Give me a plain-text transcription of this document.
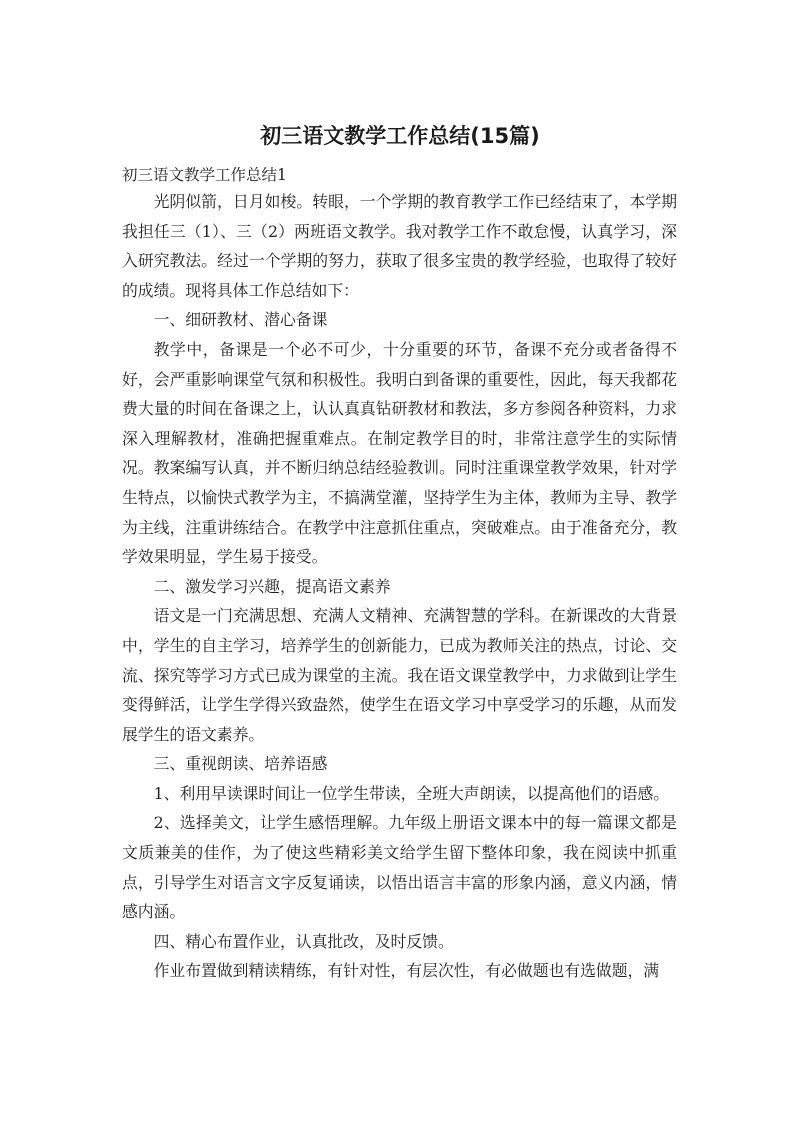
初三语文教学工作总结(15篇)

初三语文教学工作总结1

光阴似箭，日月如梭。转眼，一个学期的教育教学工作已经结束了，本学期我担任三（1）、三（2）两班语文教学。我对教学工作不敢怠慢，认真学习，深入研究教法。经过一个学期的努力，获取了很多宝贵的教学经验，也取得了较好的成绩。现将具体工作总结如下：

一、细研教材、潜心备课

教学中，备课是一个必不可少，十分重要的环节，备课不充分或者备得不好，会严重影响课堂气氛和积极性。我明白到备课的重要性，因此，每天我都花费大量的时间在备课之上，认认真真钻研教材和教法，多方参阅各种资料，力求深入理解教材，准确把握重难点。在制定教学目的时，非常注意学生的实际情况。教案编写认真，并不断归纳总结经验教训。同时注重课堂教学效果，针对学生特点，以愉快式教学为主，不搞满堂灌，坚持学生为主体，教师为主导、教学为主线，注重讲练结合。在教学中注意抓住重点，突破难点。由于准备充分，教学效果明显，学生易于接受。

二、激发学习兴趣，提高语文素养

语文是一门充满思想、充满人文精神、充满智慧的学科。在新课改的大背景中，学生的自主学习，培养学生的创新能力，已成为教师关注的热点，讨论、交流、探究等学习方式已成为课堂的主流。我在语文课堂教学中，力求做到让学生变得鲜活，让学生学得兴致盎然，使学生在语文学习中享受学习的乐趣，从而发展学生的语文素养。

三、重视朗读、培养语感

1、利用早读课时间让一位学生带读，全班大声朗读，以提高他们的语感。

2、选择美文，让学生感悟理解。九年级上册语文课本中的每一篇课文都是文质兼美的佳作，为了使这些精彩美文给学生留下整体印象，我在阅读中抓重点，引导学生对语言文字反复诵读，以悟出语言丰富的形象内涵，意义内涵，情感内涵。

四、精心布置作业，认真批改，及时反馈。

作业布置做到精读精练，有针对性，有层次性，有必做题也有选做题，满
